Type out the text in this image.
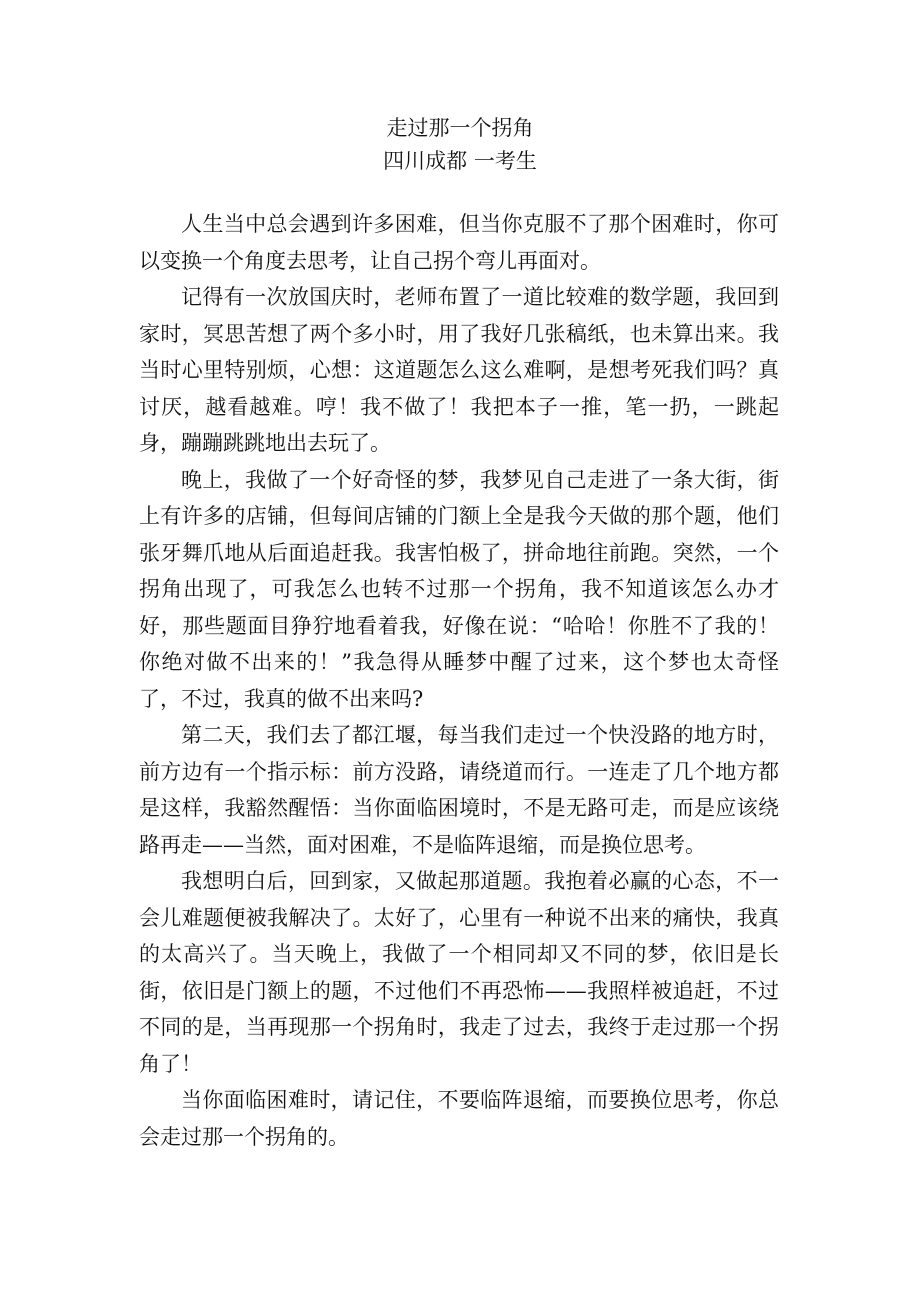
走过那一个拐角
四川成都 一考生

人生当中总会遇到许多困难，但当你克服不了那个困难时，你可以变换一个角度去思考，让自己拐个弯儿再面对。

记得有一次放国庆时，老师布置了一道比较难的数学题，我回到家时，冥思苦想了两个多小时，用了我好几张稿纸，也未算出来。我当时心里特别烦，心想：这道题怎么这么难啊，是想考死我们吗？真讨厌，越看越难。哼！我不做了！我把本子一推，笔一扔，一跳起身，蹦蹦跳跳地出去玩了。

晚上，我做了一个好奇怪的梦，我梦见自己走进了一条大街，街上有许多的店铺，但每间店铺的门额上全是我今天做的那个题，他们张牙舞爪地从后面追赶我。我害怕极了，拼命地往前跑。突然，一个拐角出现了，可我怎么也转不过那一个拐角，我不知道该怎么办才好，那些题面目狰狞地看着我，好像在说：“哈哈！你胜不了我的！你绝对做不出来的！”我急得从睡梦中醒了过来，这个梦也太奇怪了，不过，我真的做不出来吗?

第二天，我们去了都江堰，每当我们走过一个快没路的地方时，前方边有一个指示标：前方没路，请绕道而行。一连走了几个地方都是这样，我豁然醒悟：当你面临困境时，不是无路可走，而是应该绕路再走——当然，面对困难，不是临阵退缩，而是换位思考。

我想明白后，回到家，又做起那道题。我抱着必赢的心态，不一会儿难题便被我解决了。太好了，心里有一种说不出来的痛快，我真的太高兴了。当天晚上，我做了一个相同却又不同的梦，依旧是长街，依旧是门额上的题，不过他们不再恐怖——我照样被追赶，不过不同的是，当再现那一个拐角时，我走了过去，我终于走过那一个拐角了！

当你面临困难时，请记住，不要临阵退缩，而要换位思考，你总会走过那一个拐角的。
